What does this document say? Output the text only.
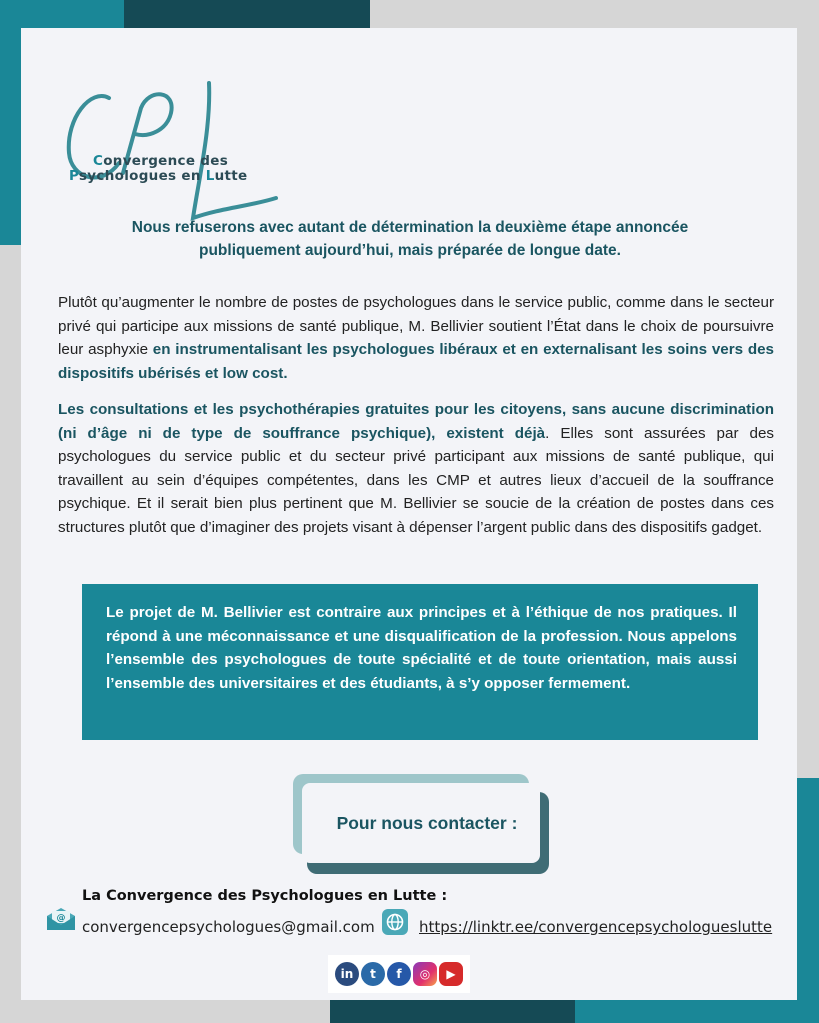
Convergence des
Psychologues en Lutte
Nous refuserons avec autant de détermination la deuxième étape annoncée publiquement aujourd’hui, mais préparée de longue date.

Plutôt qu’augmenter le nombre de postes de psychologues dans le service public, comme dans le secteur privé qui participe aux missions de santé publique, M. Bellivier soutient l’État dans le choix de poursuivre leur asphyxie en instrumentalisant les psychologues libéraux et en externalisant les soins vers des dispositifs ubérisés et low cost.

Les consultations et les psychothérapies gratuites pour les citoyens, sans aucune discrimination (ni d’âge ni de type de souffrance psychique), existent déjà. Elles sont assurées par des psychologues du service public et du secteur privé participant aux missions de santé publique, qui travaillent au sein d’équipes compétentes, dans les CMP et autres lieux d’accueil de la souffrance psychique. Et il serait bien plus pertinent que M. Bellivier se soucie de la création de postes dans ces structures plutôt que d’imaginer des projets visant à dépenser l’argent public dans des dispositifs gadget.

Le projet de M. Bellivier est contraire aux principes et à l’éthique de nos pratiques. Il répond à une méconnaissance et une disqualification de la profession. Nous appelons l’ensemble des psychologues de toute spécialité et de toute orientation, mais aussi l’ensemble des universitaires et des étudiants, à s’y opposer fermement.
Pour nous contacter :
La Convergence des Psychologues en Lutte :
@ convergencepsychologues@gmail.com	https://linktr.ee/convergencepsychologueslutte
in	t	f	◎	▶
